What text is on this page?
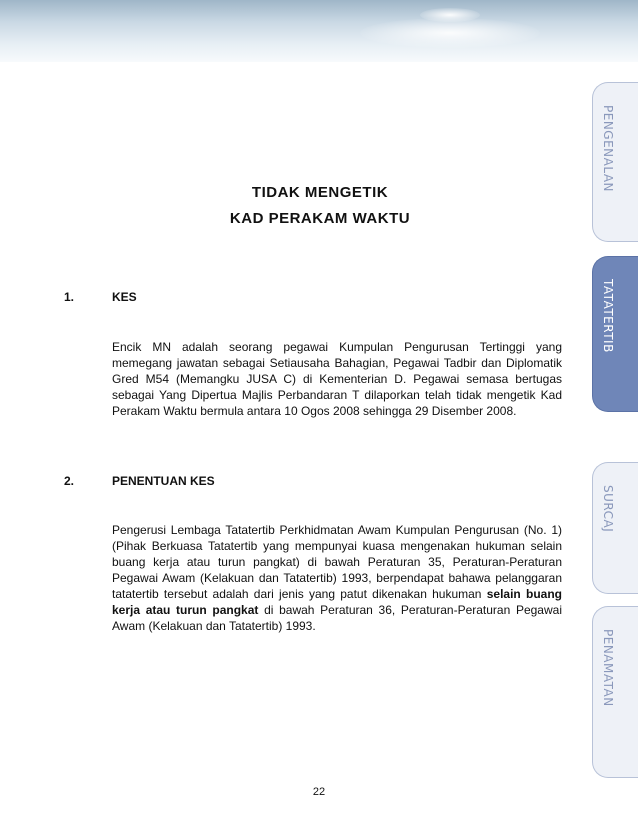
TIDAK MENGETIK
KAD PERAKAM WAKTU
1.	KES
Encik MN adalah seorang pegawai Kumpulan Pengurusan Tertinggi yang memegang jawatan sebagai Setiausaha Bahagian, Pegawai Tadbir dan Diplomatik Gred M54 (Memangku JUSA C) di Kementerian D. Pegawai semasa bertugas sebagai Yang Dipertua Majlis Perbandaran T dilaporkan telah tidak mengetik Kad Perakam Waktu bermula antara 10 Ogos 2008 sehingga 29 Disember 2008.
2.	PENENTUAN KES
Pengerusi Lembaga Tatatertib Perkhidmatan Awam Kumpulan Pengurusan (No. 1) (Pihak Berkuasa Tatatertib yang mempunyai kuasa mengenakan hukuman selain buang kerja atau turun pangkat) di bawah Peraturan 35, Peraturan-Peraturan Pegawai Awam (Kelakuan dan Tatatertib) 1993, berpendapat bahawa pelanggaran tatatertib tersebut adalah dari jenis yang patut dikenakan hukuman selain buang kerja atau turun pangkat di bawah Peraturan 36, Peraturan-Peraturan Pegawai Awam (Kelakuan dan Tatatertib) 1993.
22
PENGENALAN
TATATERTIB
SURCAJ
PENAMATAN
